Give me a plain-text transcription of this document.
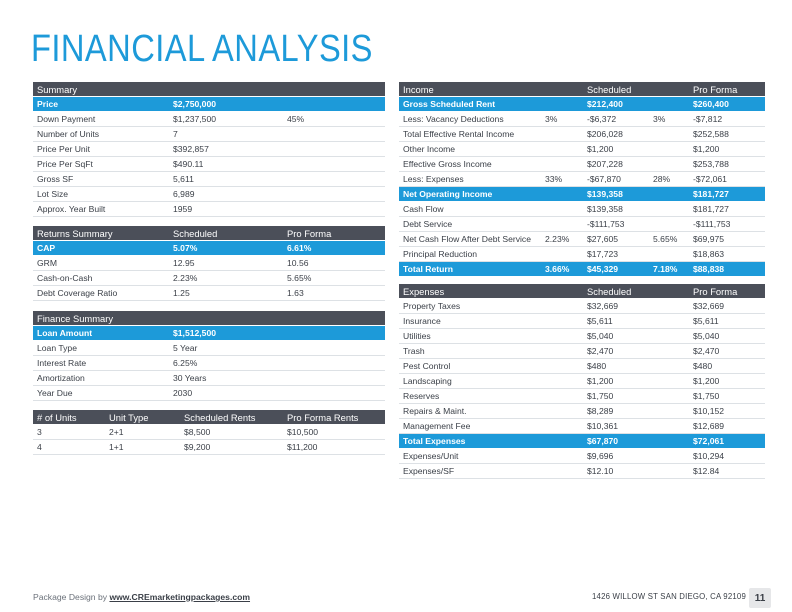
FINANCIAL ANALYSIS
Summary
Price	$2,750,000
Down Payment	$1,237,500	45%
Number of Units	7
Price Per Unit	$392,857
Price Per SqFt	$490.11
Gross SF	5,611
Lot Size	6,989
Approx. Year Built	1959
Returns Summary	Scheduled	Pro Forma
CAP	5.07%	6.61%
GRM	12.95	10.56
Cash-on-Cash	2.23%	5.65%
Debt Coverage Ratio	1.25	1.63
Finance Summary
Loan Amount	$1,512,500
Loan Type	5 Year
Interest Rate	6.25%
Amortization	30 Years
Year Due	2030
# of Units	Unit Type	Scheduled Rents	Pro Forma Rents
3	2+1	$8,500	$10,500
4	1+1	$9,200	$11,200
Income	Scheduled	Pro Forma
Gross Scheduled Rent	$212,400	$260,400
Less: Vacancy Deductions	3%	-$6,372	3%	-$7,812
Total Effective Rental Income	$206,028	$252,588
Other Income	$1,200	$1,200
Effective Gross Income	$207,228	$253,788
Less: Expenses	33%	-$67,870	28%	-$72,061
Net Operating Income	$139,358	$181,727
Cash Flow	$139,358	$181,727
Debt Service	-$111,753	-$111,753
Net Cash Flow After Debt Service	2.23%	$27,605	5.65%	$69,975
Principal Reduction	$17,723	$18,863
Total Return	3.66%	$45,329	7.18%	$88,838
Expenses	Scheduled	Pro Forma
Property Taxes	$32,669	$32,669
Insurance	$5,611	$5,611
Utilities	$5,040	$5,040
Trash	$2,470	$2,470
Pest Control	$480	$480
Landscaping	$1,200	$1,200
Reserves	$1,750	$1,750
Repairs & Maint.	$8,289	$10,152
Management Fee	$10,361	$12,689
Total Expenses	$67,870	$72,061
Expenses/Unit	$9,696	$10,294
Expenses/SF	$12.10	$12.84
Package Design by www.CREmarketingpackages.com	1426 WILLOW ST SAN DIEGO, CA 92109 11
